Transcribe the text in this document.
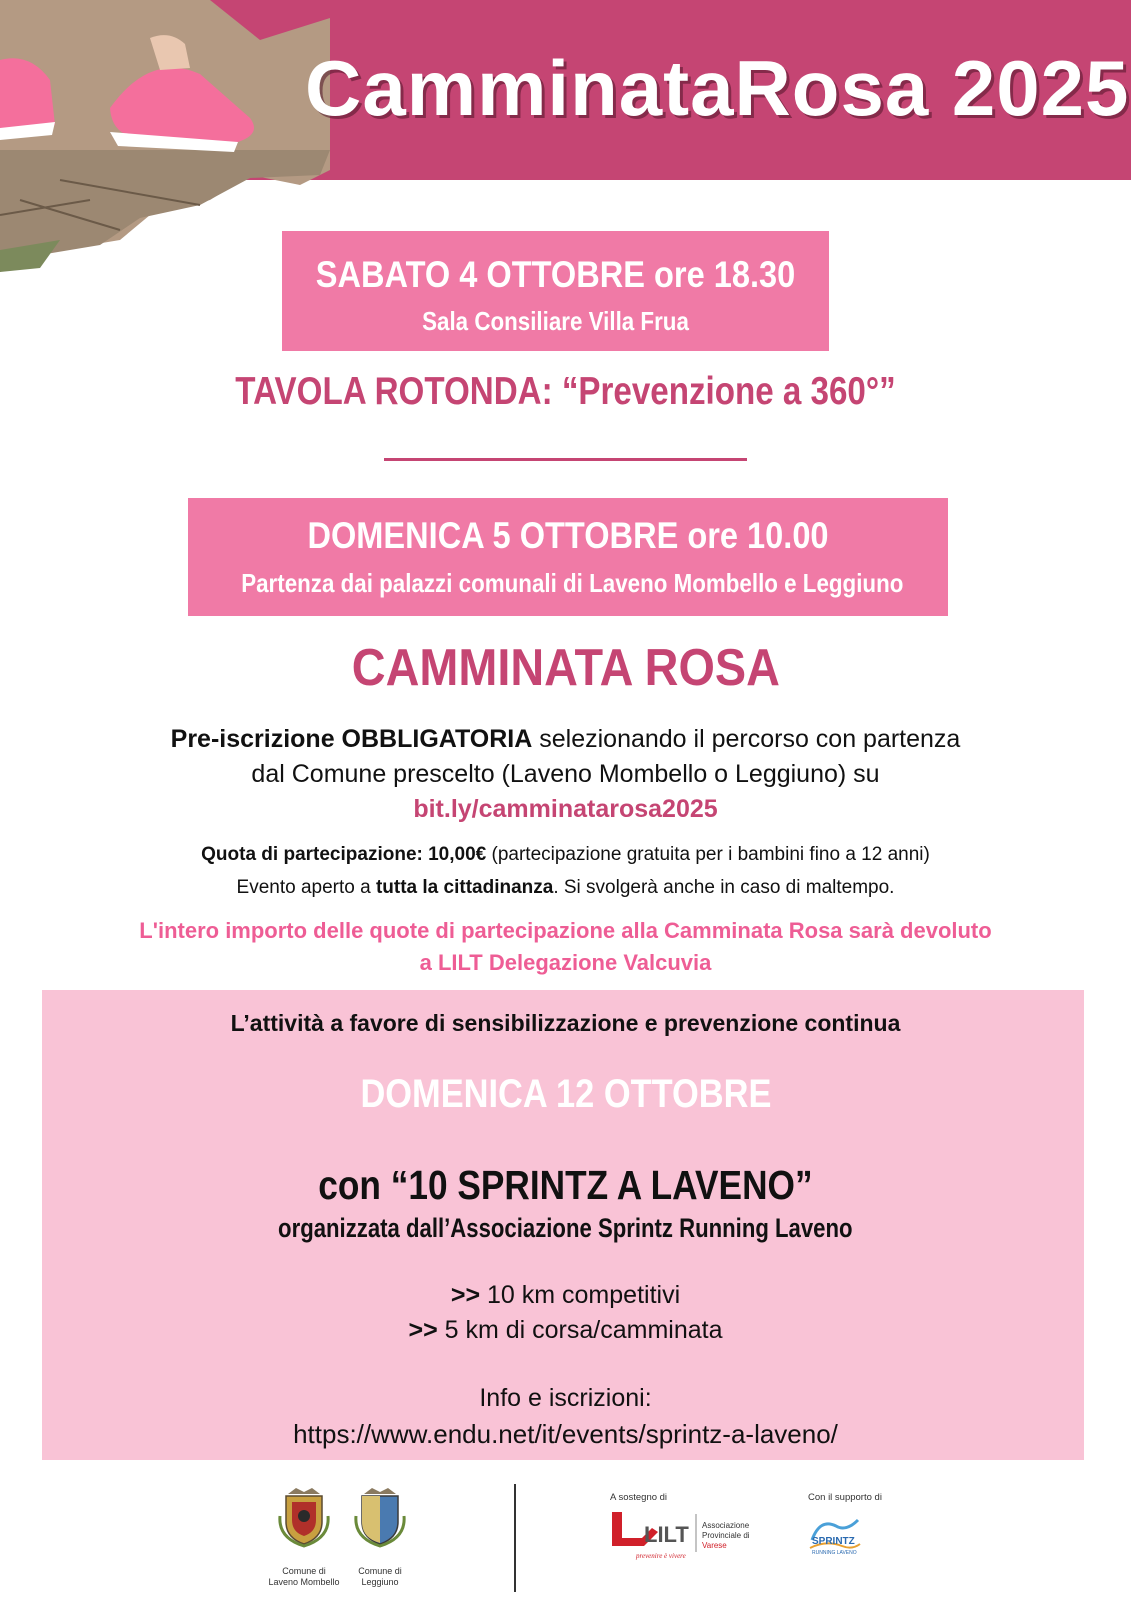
CamminataRosa 2025
SABATO 4 OTTOBRE ore 18.30
Sala Consiliare Villa Frua
TAVOLA ROTONDA: “Prevenzione a 360°”
DOMENICA 5 OTTOBRE ore 10.00
Partenza dai palazzi comunali di Laveno Mombello e Leggiuno
CAMMINATA ROSA
Pre-iscrizione OBBLIGATORIA selezionando il percorso con partenza
dal Comune prescelto (Laveno Mombello o Leggiuno) su
bit.ly/camminatarosa2025
Quota di partecipazione: 10,00€ (partecipazione gratuita per i bambini fino a 12 anni)
Evento aperto a tutta la cittadinanza. Si svolgerà anche in caso di maltempo.
L'intero importo delle quote di partecipazione alla Camminata Rosa sarà devoluto
a LILT Delegazione Valcuvia
L’attività a favore di sensibilizzazione e prevenzione continua
DOMENICA 12 OTTOBRE
con “10 SPRINTZ A LAVENO”
organizzata dall’Associazione Sprintz Running Laveno
>> 10 km competitivi
>> 5 km di corsa/camminata
Info e iscrizioni:
https://www.endu.net/it/events/sprintz-a-laveno/
Comune di
Laveno Mombello
Comune di
Leggiuno
A sostegno di	Con il supporto di
LILT Associazione
Provinciale di
Varese
prevenire è vivere
SPRINTZ
RUNNING LAVENO
